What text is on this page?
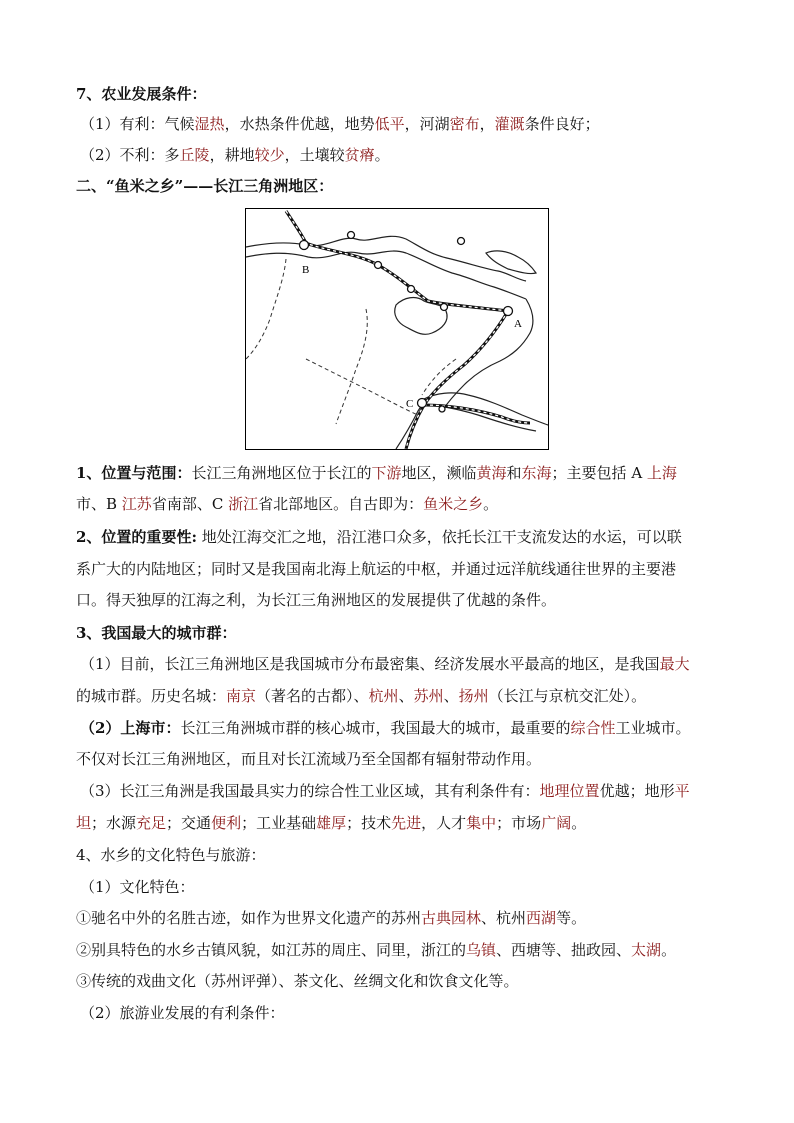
7、农业发展条件：
（1）有利：气候湿热，水热条件优越，地势低平，河湖密布，灌溉条件良好；
（2）不利：多丘陵，耕地较少，土壤较贫瘠。
二、“鱼米之乡”——长江三角洲地区：
B
A
C
1、位置与范围：长江三角洲地区位于长江的下游地区，濒临黄海和东海；主要包括 A 上海
市、B 江苏省南部、C 浙江省北部地区。自古即为：鱼米之乡。
2、位置的重要性: 地处江海交汇之地，沿江港口众多，依托长江干支流发达的水运，可以联
系广大的内陆地区；同时又是我国南北海上航运的中枢，并通过远洋航线通往世界的主要港
口。得天独厚的江海之利，为长江三角洲地区的发展提供了优越的条件。
3、我国最大的城市群：
（1）目前，长江三角洲地区是我国城市分布最密集、经济发展水平最高的地区，是我国最大
的城市群。历史名城：南京（著名的古都）、杭州、苏州、扬州（长江与京杭交汇处）。
（2）上海市：长江三角洲城市群的核心城市，我国最大的城市，最重要的综合性工业城市。
不仅对长江三角洲地区，而且对长江流域乃至全国都有辐射带动作用。
（3）长江三角洲是我国最具实力的综合性工业区域，其有利条件有：地理位置优越；地形平
坦；水源充足；交通便利；工业基础雄厚；技术先进，人才集中；市场广阔。
4、水乡的文化特色与旅游：
（1）文化特色：
①驰名中外的名胜古迹，如作为世界文化遗产的苏州古典园林、杭州西湖等。
②别具特色的水乡古镇风貌，如江苏的周庄、同里，浙江的乌镇、西塘等、拙政园、太湖。
③传统的戏曲文化（苏州评弹）、茶文化、丝绸文化和饮食文化等。
（2）旅游业发展的有利条件：
